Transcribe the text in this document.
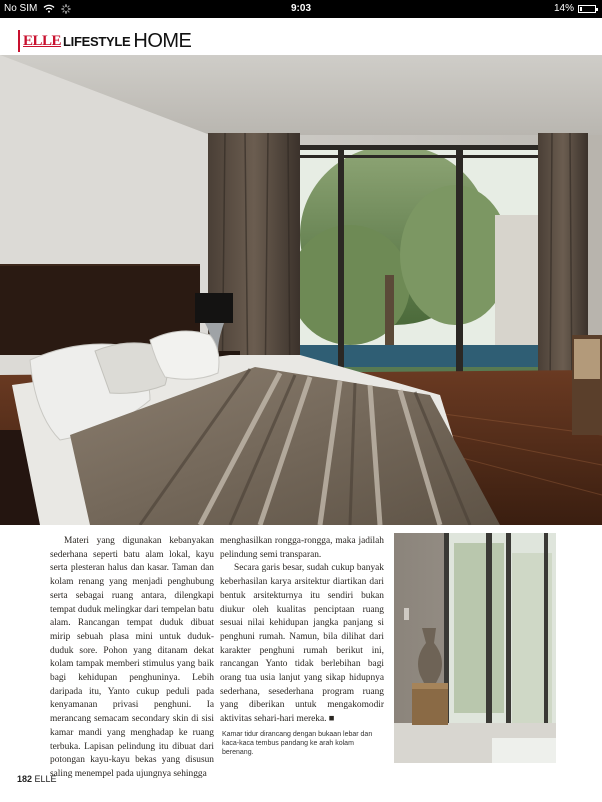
No SIM	9:03	14%
ELLE LIFESTYLE HOME

Materi yang digunakan kebanyakan sederhana seperti batu alam lokal, kayu serta plesteran halus dan kasar. Taman dan kolam renang yang menjadi penghubung serta sebagai ruang antara, dilengkapi tempat duduk melingkar dari tempelan batu alam. Rancangan tempat duduk dibuat mirip sebuah plasa mini untuk duduk-duduk sore. Pohon yang ditanam dekat kolam tampak memberi stimulus yang baik bagi kehidupan penghuninya. Lebih daripada itu, Yanto cukup peduli pada kenyamanan privasi penghuni. Ia merancang semacam secondary skin di sisi kamar mandi yang menghadap ke ruang terbuka. Lapisan pelindung itu dibuat dari potongan kayu-kayu bekas yang disusun saling menempel pada ujungnya sehingga

menghasilkan rongga-rongga, maka jadilah pelindung semi transparan.

Secara garis besar, sudah cukup banyak keberhasilan karya arsitektur diartikan dari bentuk arsitekturnya itu sendiri bukan diukur oleh kualitas penciptaan ruang sesuai nilai kehidupan jangka panjang si penghuni rumah. Namun, bila dilihat dari karakter penghuni rumah berikut ini, rancangan Yanto tidak berlebihan bagi orang tua usia lanjut yang sikap hidupnya sederhana, sesederhana program ruang yang diberikan untuk mengakomodir aktivitas sehari-hari mereka. ■

Kamar tidur dirancang dengan bukaan lebar dan kaca-kaca tembus pandang ke arah kolam berenang.
182 ELLE
